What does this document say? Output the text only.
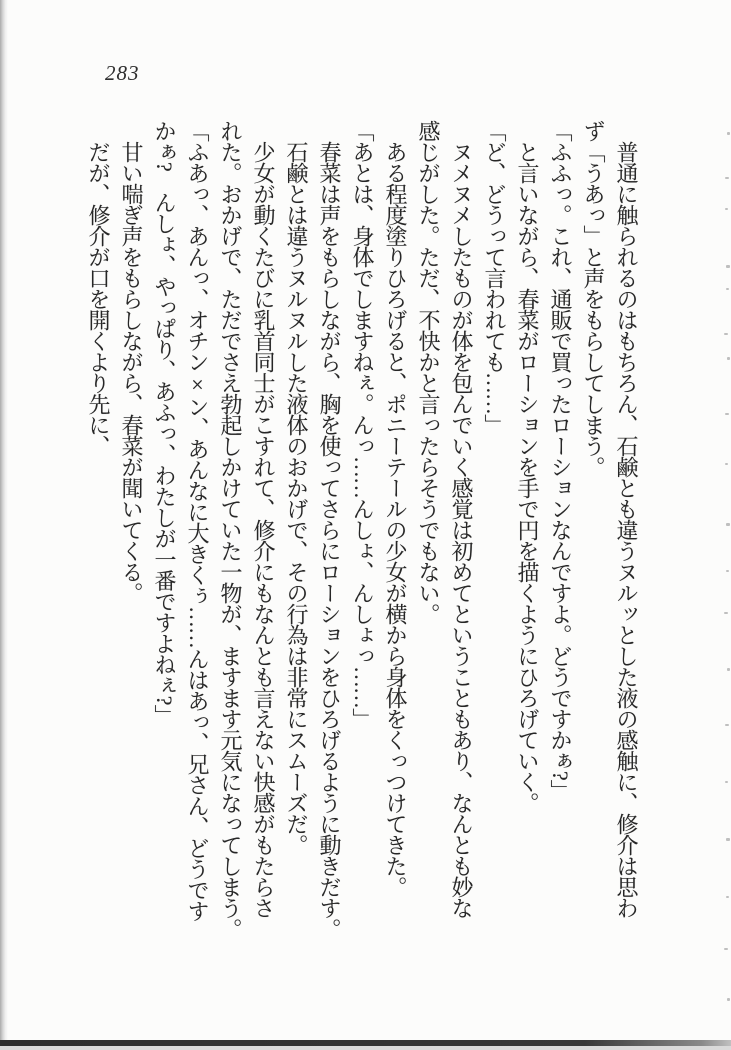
283
　普通に触られるのはもちろん、石鹸とも違うヌルッとした液の感触に、修介は思わ
ず「うあっ」と声をもらしてしまう。
「ふふっ。これ、通販で買ったローションなんですよ。どうですかぁ?」
　と言いながら、春菜がローションを手で円を描くようにひろげていく。
「ど、どうって言われても……」
　ヌメヌメしたものが体を包んでいく感覚は初めてということもあり、なんとも妙な
感じがした。ただ、不快かと言ったらそうでもない。
　ある程度塗りひろげると、ポニーテールの少女が横から身体をくっつけてきた。
「あとは、身体でしますねぇ。んっ……んしょ、んしょっ……」
　春菜は声をもらしながら、胸を使ってさらにローションをひろげるように動きだす。
　石鹸とは違うヌルヌルした液体のおかげで、その行為は非常にスムーズだ。
　少女が動くたびに乳首同士がこすれて、修介にもなんとも言えない快感がもたらさ
れた。おかげで、ただでさえ勃起しかけていた一物が、ますます元気になってしまう。
「ふあっ、あんっ、オチン×ン、あんなに大きくぅ……んはあっ、兄さん、どうです
かぁ?　んしょ、やっぱり、あふっ、わたしが一番ですよねぇ?」
　甘い喘ぎ声をもらしながら、春菜が聞いてくる。
　だが、修介が口を開くより先に、
